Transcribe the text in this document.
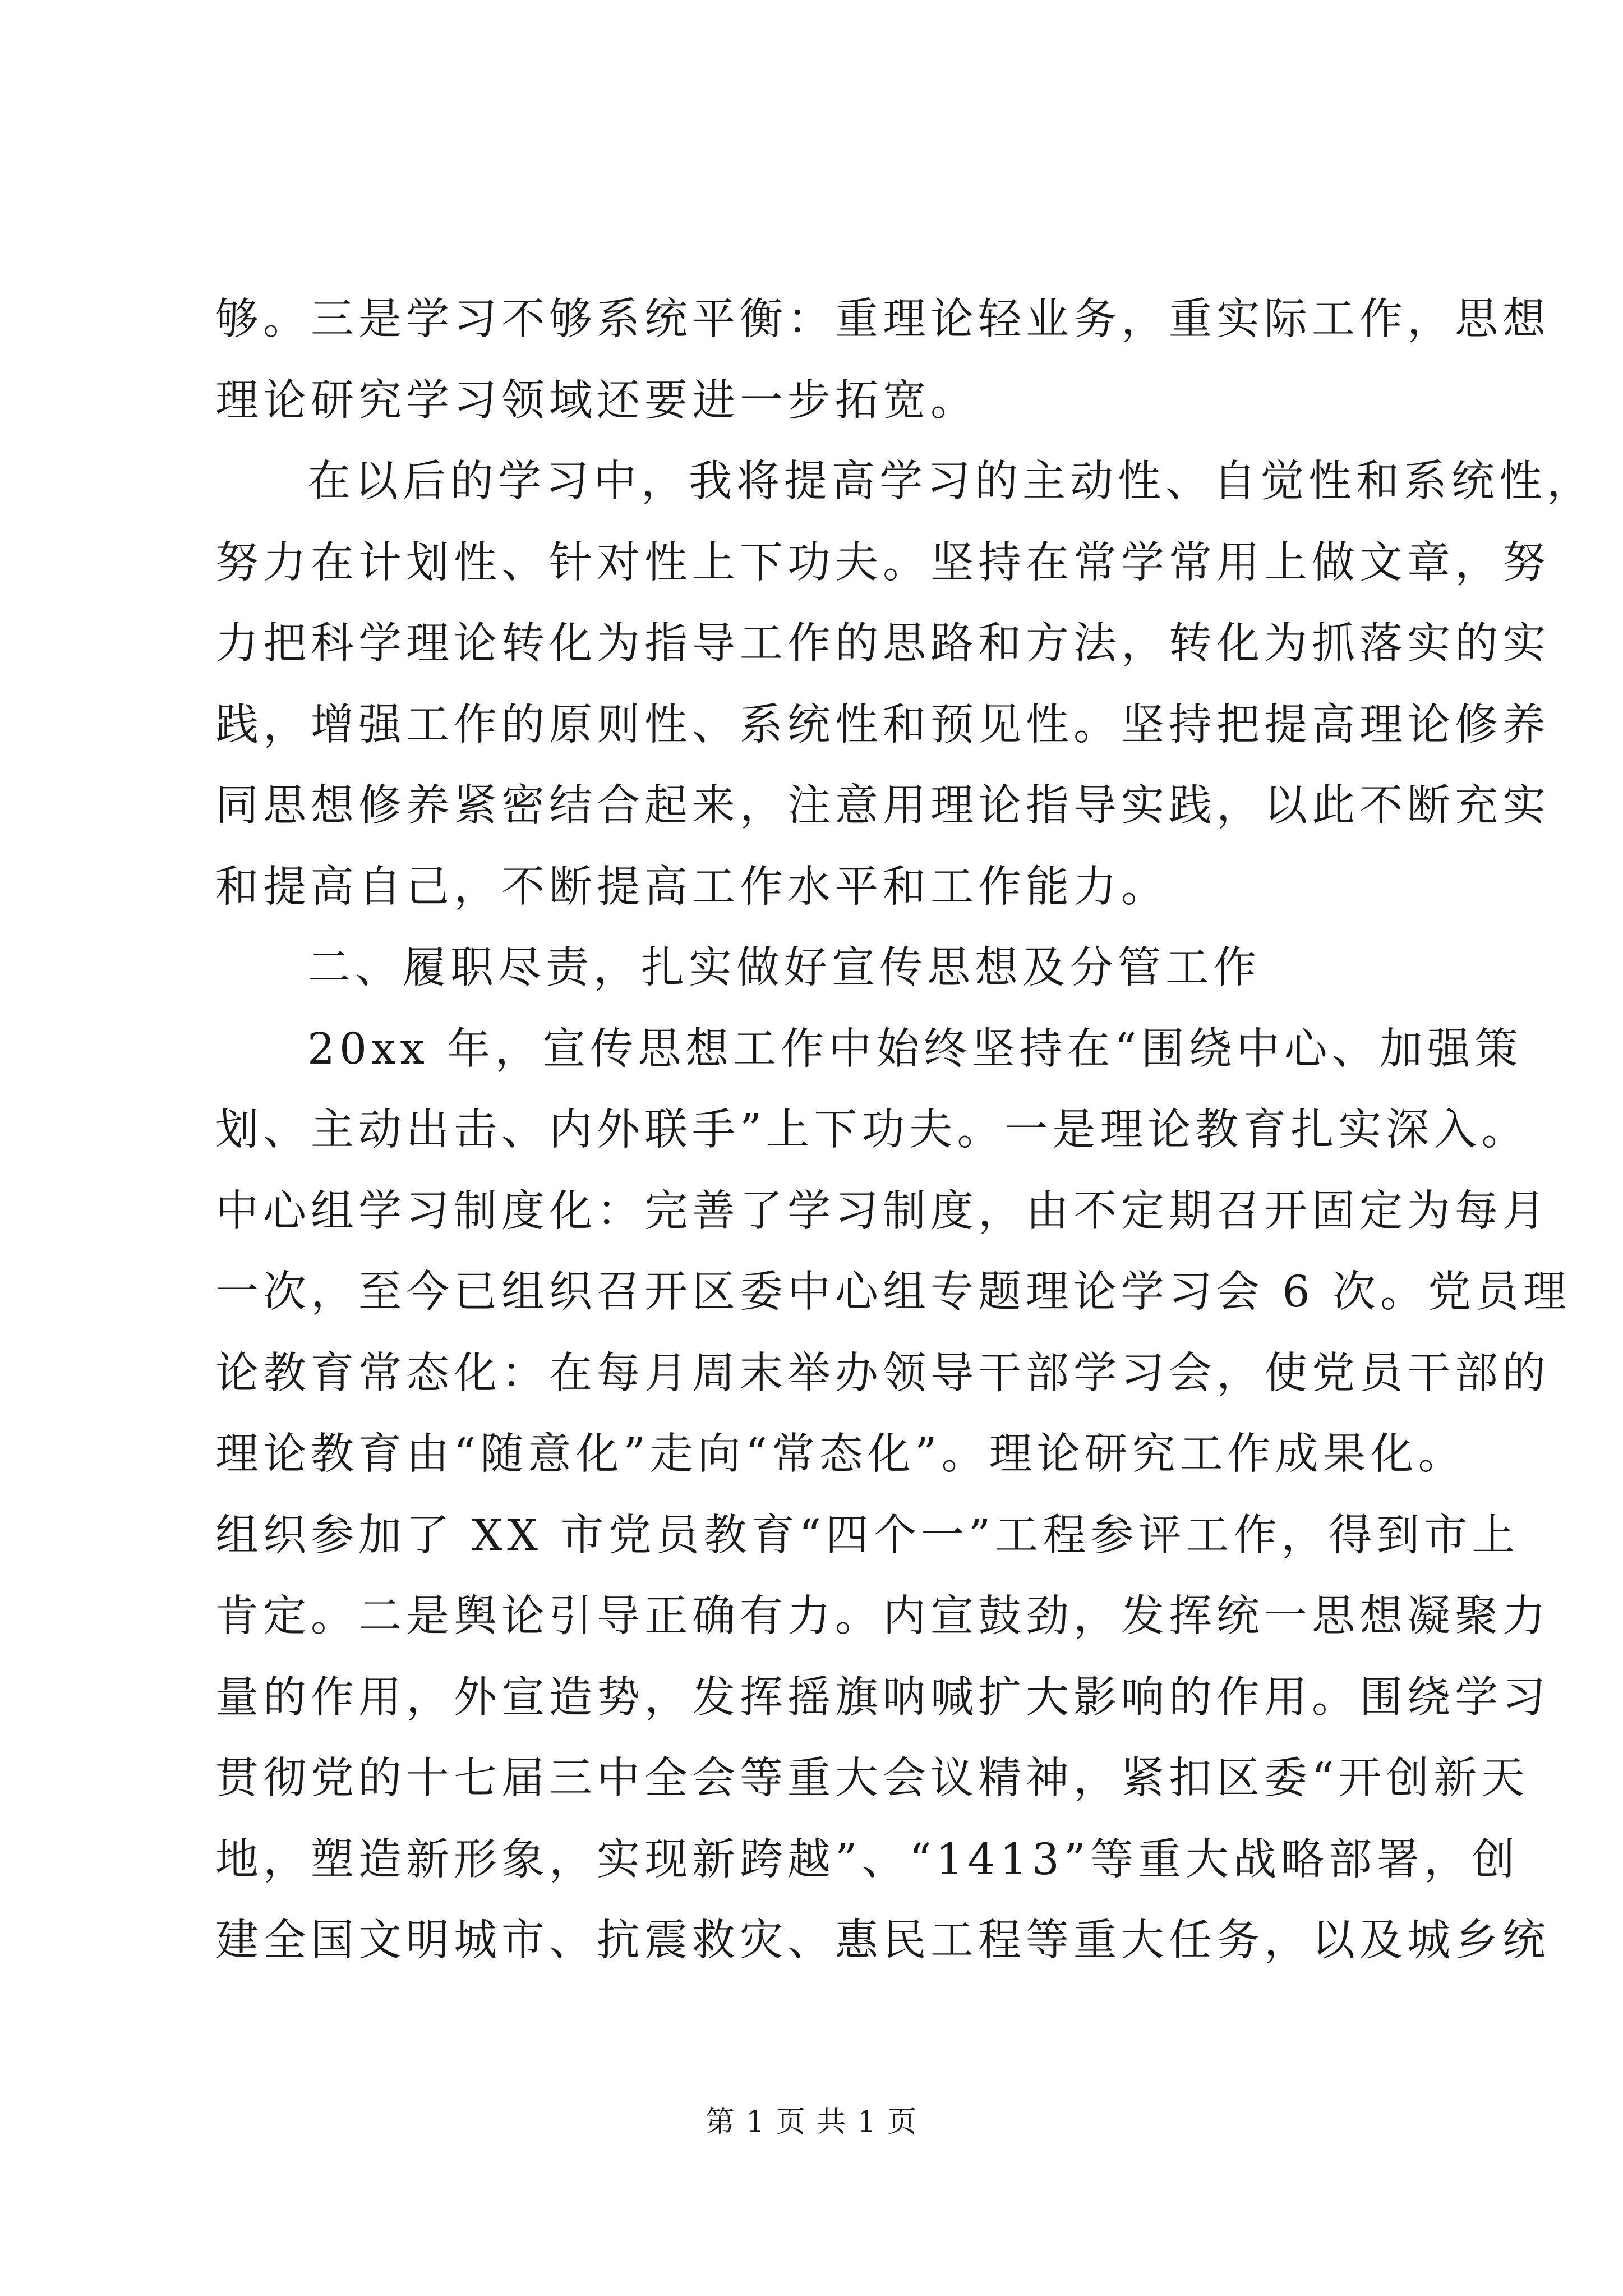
够。三是学习不够系统平衡：重理论轻业务，重实际工作，思想
理论研究学习领域还要进一步拓宽。
在以后的学习中，我将提高学习的主动性、自觉性和系统性，
努力在计划性、针对性上下功夫。坚持在常学常用上做文章，努
力把科学理论转化为指导工作的思路和方法，转化为抓落实的实
践，增强工作的原则性、系统性和预见性。坚持把提高理论修养
同思想修养紧密结合起来，注意用理论指导实践，以此不断充实
和提高自己，不断提高工作水平和工作能力。
二、履职尽责，扎实做好宣传思想及分管工作
20xx 年，宣传思想工作中始终坚持在“围绕中心、加强策
划、主动出击、内外联手”上下功夫。一是理论教育扎实深入。
中心组学习制度化：完善了学习制度，由不定期召开固定为每月
一次，至今已组织召开区委中心组专题理论学习会 6 次。党员理
论教育常态化：在每月周末举办领导干部学习会，使党员干部的
理论教育由“随意化”走向“常态化”。理论研究工作成果化。
组织参加了 XX 市党员教育“四个一”工程参评工作，得到市上
肯定。二是舆论引导正确有力。内宣鼓劲，发挥统一思想凝聚力
量的作用，外宣造势，发挥摇旗呐喊扩大影响的作用。围绕学习
贯彻党的十七届三中全会等重大会议精神，紧扣区委“开创新天
地，塑造新形象，实现新跨越”、“1413”等重大战略部署，创
建全国文明城市、抗震救灾、惠民工程等重大任务，以及城乡统
第 1 页 共 1 页
